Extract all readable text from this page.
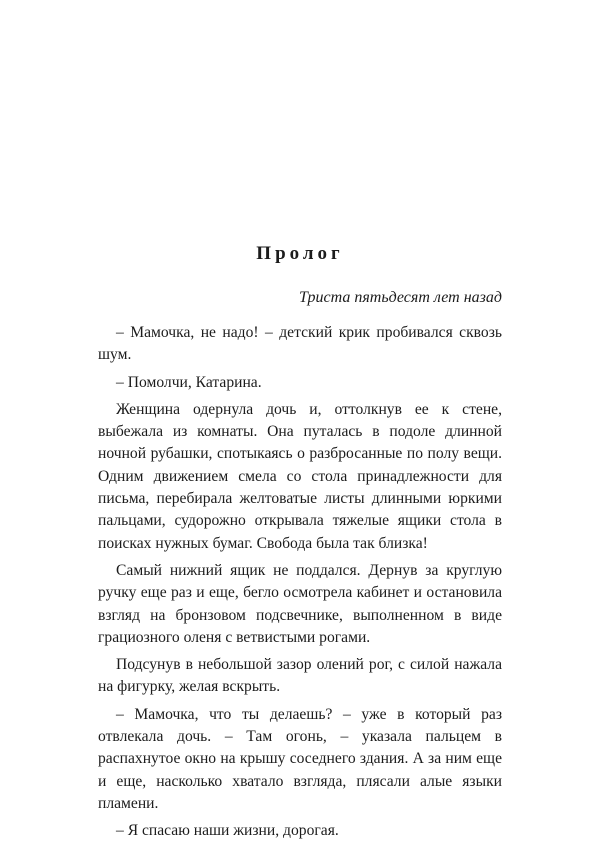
Пролог

Триста пятьдесят лет назад

– Мамочка, не надо! – детский крик пробивался сквозь шум.

– Помолчи, Катарина.

Женщина одернула дочь и, оттолкнув ее к стене, выбежала из комнаты. Она путалась в подоле длинной ночной рубашки, спотыкаясь о разбросанные по полу вещи. Одним движением смела со стола принадлежности для письма, перебирала желтоватые листы длинными юркими пальцами, судорожно открывала тяжелые ящики стола в поисках нужных бумаг. Свобода была так близка!

Самый нижний ящик не поддался. Дернув за круглую ручку еще раз и еще, бегло осмотрела кабинет и остановила взгляд на бронзовом подсвечнике, выполненном в виде грациозного оленя с ветвистыми рогами.

Подсунув в небольшой зазор олений рог, с силой нажала на фигурку, желая вскрыть.

– Мамочка, что ты делаешь? – уже в который раз отвлекала дочь. – Там огонь, – указала пальцем в распахнутое окно на крышу соседнего здания. А за ним еще и еще, насколько хватало взгляда, плясали алые языки пламени.

– Я спасаю наши жизни, дорогая.
